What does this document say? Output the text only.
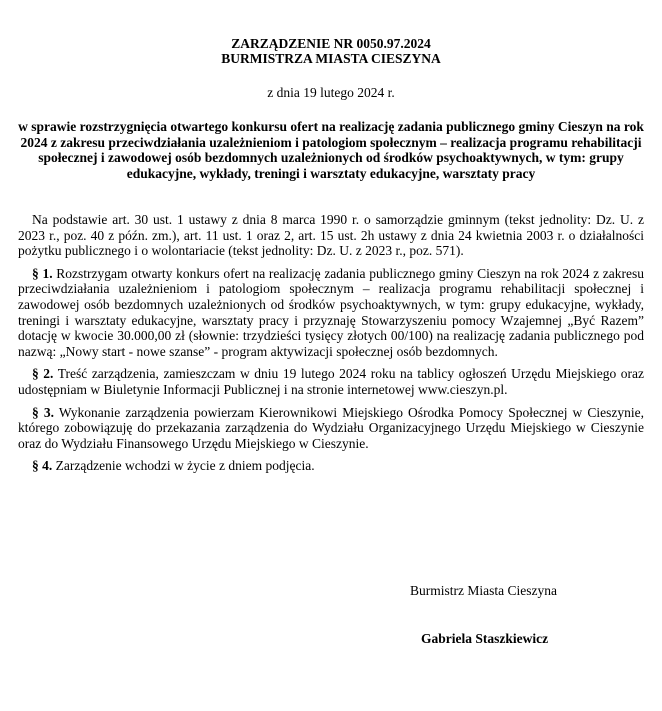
ZARZĄDZENIE NR 0050.97.2024
BURMISTRZA MIASTA CIESZYNA
z dnia 19 lutego 2024 r.
w sprawie rozstrzygnięcia otwartego konkursu ofert na realizację zadania publicznego gminy Cieszyn na rok 2024 z zakresu przeciwdziałania uzależnieniom i patologiom społecznym – realizacja programu rehabilitacji społecznej i zawodowej osób bezdomnych uzależnionych od środków psychoaktywnych, w tym: grupy edukacyjne, wykłady, treningi i warsztaty edukacyjne, warsztaty pracy

Na podstawie art. 30 ust. 1 ustawy z dnia 8 marca 1990 r. o samorządzie gminnym (tekst jednolity: Dz. U. z 2023 r., poz. 40 z późn. zm.), art. 11 ust. 1 oraz 2, art. 15 ust. 2h ustawy z dnia 24 kwietnia 2003 r. o działalności pożytku publicznego i o wolontariacie (tekst jednolity: Dz. U. z 2023 r., poz. 571).

§ 1. Rozstrzygam otwarty konkurs ofert na realizację zadania publicznego gminy Cieszyn na rok 2024 z zakresu przeciwdziałania uzależnieniom i patologiom społecznym – realizacja programu rehabilitacji społecznej i zawodowej osób bezdomnych uzależnionych od środków psychoaktywnych, w tym: grupy edukacyjne, wykłady, treningi i warsztaty edukacyjne, warsztaty pracy i przyznaję Stowarzyszeniu pomocy Wzajemnej „Być Razem” dotację w kwocie 30.000,00 zł (słownie: trzydzieści tysięcy złotych 00/100) na realizację zadania publicznego pod nazwą: „Nowy start - nowe szanse” - program aktywizacji społecznej osób bezdomnych.

§ 2. Treść zarządzenia, zamieszczam w dniu 19 lutego 2024 roku na tablicy ogłoszeń Urzędu Miejskiego oraz udostępniam w Biuletynie Informacji Publicznej i na stronie internetowej www.cieszyn.pl.

§ 3. Wykonanie zarządzenia powierzam Kierownikowi Miejskiego Ośrodka Pomocy Społecznej w Cieszynie, którego zobowiązuję do przekazania zarządzenia do Wydziału Organizacyjnego Urzędu Miejskiego w Cieszynie oraz do Wydziału Finansowego Urzędu Miejskiego w Cieszynie.

§ 4. Zarządzenie wchodzi w życie z dniem podjęcia.

Burmistrz Miasta Cieszyna
Gabriela Staszkiewicz
